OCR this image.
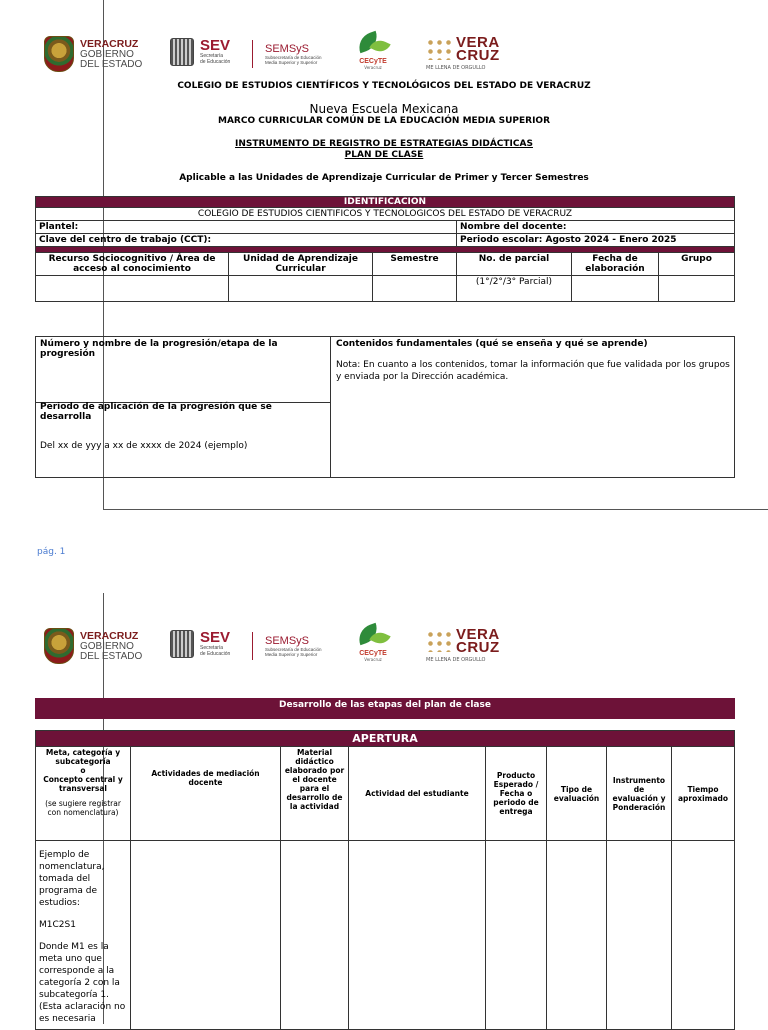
VERACRUZ
GOBIERNO
DEL ESTADO
SEV
Secretaría
de Educación
SEMSyS
Subsecretaría de Educación
Media Superior y Superior	CECyTE
Veracruz
VERA
CRUZ
ME LLENA DE ORGULLO
COLEGIO DE ESTUDIOS CIENTÍFICOS Y TECNOLÓGICOS DEL ESTADO DE VERACRUZ
Nueva Escuela Mexicana
MARCO CURRICULAR COMÚN DE LA EDUCACIÓN MEDIA SUPERIOR
INSTRUMENTO DE REGISTRO DE ESTRATEGIAS DIDÁCTICAS
PLAN DE CLASE
Aplicable a las Unidades de Aprendizaje Curricular de Primer y Tercer Semestres
IDENTIFICACION					
COLEGIO DE ESTUDIOS CIENTIFICOS Y TECNOLOGICOS DEL ESTADO DE VERACRUZ					
Plantel:			Nombre del docente:		
Clave del centro de trabajo (CCT):			Periodo escolar: Agosto 2024 - Enero 2025		

Recurso Sociocognitivo / Área de acceso al conocimiento	Unidad de Aprendizaje Curricular	Semestre	No. de parcial	Fecha de elaboración	Grupo
			(1°/2°/3° Parcial)		
Número y nombre de la progresión/etapa de la progresión
Periodo de aplicación de la progresión que se desarrolla
Del xx de yyy a xx de xxxx de 2024 (ejemplo)
Contenidos fundamentales (qué se enseña y qué se aprende)
Nota: En cuanto a los contenidos, tomar la información que fue validada por los grupos y enviada por la Dirección académica.
pág. 1
VERACRUZ
GOBIERNO
DEL ESTADO
SEV
Secretaría
de Educación
SEMSyS
Subsecretaría de Educación
Media Superior y Superior	CECyTE
Veracruz
VERA
CRUZ
ME LLENA DE ORGULLO
Desarrollo de las etapas del plan de clase
APERTURA							

Meta, categoría y subcategoría
o
Concepto central y transversal
(se sugiere registrar con nomenclatura)	Actividades de mediación docente	Material didáctico elaborado por el docente para el desarrollo de la actividad	Actividad del estudiante	Producto Esperado / Fecha o periodo de entrega	Tipo de evaluación	Instrumento de evaluación y Ponderación	Tiempo aproximado

Ejemplo de nomenclatura, tomada del programa de estudios:
M1C2S1
Donde M1 es la meta uno que corresponde a la categoría 2 con la subcategoría 1. (Esta aclaración no es necesaria							
